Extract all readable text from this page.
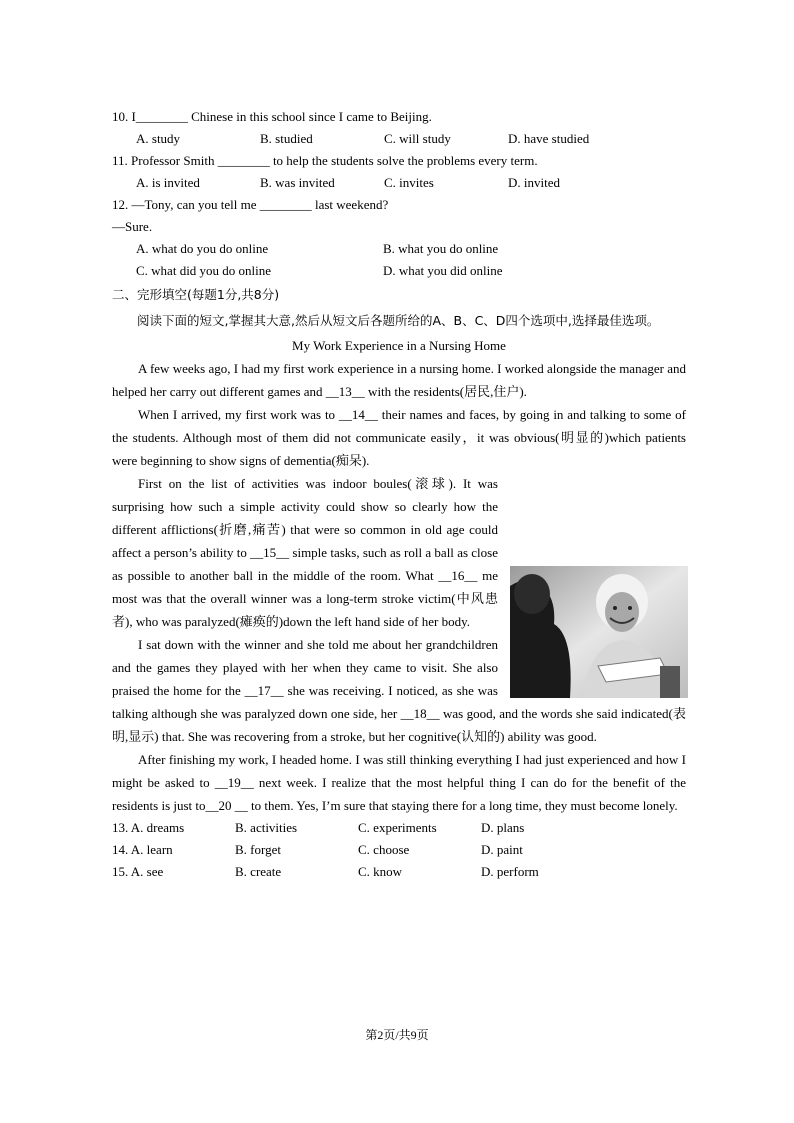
10. I________ Chinese in this school since I came to Beijing.
A. study	B. studied	C. will study	D. have studied
11. Professor Smith ________ to help the students solve the problems every term.
A. is invited	B. was invited	C. invites	D. invited
12. —Tony, can you tell me ________ last weekend?
—Sure.
A. what do you do online	B. what you do online
C. what did you do online	D. what you did online
二、完形填空(每题1分,共8分)
阅读下面的短文,掌握其大意,然后从短文后各题所给的A、B、C、D四个选项中,选择最佳选项。
My Work Experience in a Nursing Home

A few weeks ago, I had my first work experience in a nursing home. I worked alongside the manager and helped her carry out different games and __13__ with the residents(居民,住户).

When I arrived, my first work was to __14__ their names and faces, by going in and talking to some of the students. Although most of them did not communicate easily，it was obvious(明显的)which patients were beginning to show signs of dementia(痴呆).

First on the list of activities was indoor boules(滚球). It was surprising how such a simple activity could show so clearly how the different afflictions(折磨,痛苦) that were so common in old age could affect a person’s ability to __15__ simple tasks, such as roll a ball as close as possible to another ball in the middle of the room. What __16__ me most was that the overall winner was a long-term stroke victim(中风患者), who was paralyzed(瘫痪的)down the left hand side of her body.

I sat down with the winner and she told me about her grandchildren and the games they played with her when they came to visit. She also praised the home for the __17__ she was receiving. I noticed, as she was talking although she was paralyzed down one side, her __18__ was good, and the words she said indicated(表明,显示) that. She was recovering from a stroke, but her cognitive(认知的) ability was good.

After finishing my work, I headed home. I was still thinking everything I had just experienced and how I might be asked to __19__ next week. I realize that the most helpful thing I can do for the benefit of the residents is just to__20 __ to them. Yes, I’m sure that staying there for a long time, they must become lonely.

13. A. dreams	B. activities	C. experiments	D. plans
14. A. learn	B. forget	C. choose	D. paint
15. A. see	B. create	C. know	D. perform
第2页/共9页
